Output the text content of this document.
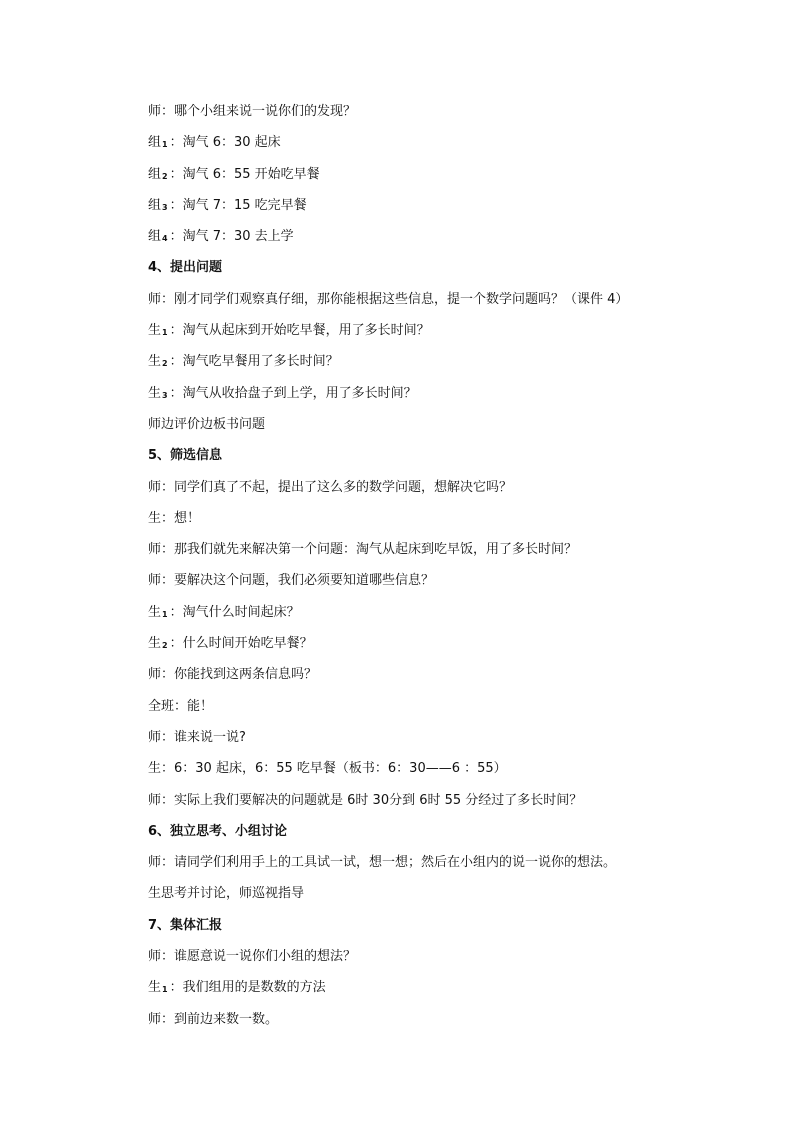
师：哪个小组来说一说你们的发现？
组1 ：淘气 6：30 起床
组2 ：淘气 6：55 开始吃早餐
组3 ：淘气 7：15 吃完早餐
组4 ：淘气 7：30 去上学
4、提出问题
师：刚才同学们观察真仔细，那你能根据这些信息，提一个数学问题吗？（课件 4）
生1 ：淘气从起床到开始吃早餐，用了多长时间？
生2 ：淘气吃早餐用了多长时间？
生3 ：淘气从收拾盘子到上学，用了多长时间？
师边评价边板书问题
5、筛选信息
师：同学们真了不起，提出了这么多的数学问题，想解决它吗？
生：想！
师：那我们就先来解决第一个问题：淘气从起床到吃早饭，用了多长时间？
师：要解决这个问题，我们必须要知道哪些信息？
生1 ：淘气什么时间起床？
生2 ：什么时间开始吃早餐？
师：你能找到这两条信息吗？
全班：能！
师：谁来说一说?
生：6：30 起床，6：55 吃早餐（板书：6：30——6 ：55）
师：实际上我们要解决的问题就是 6时 30分到 6时 55 分经过了多长时间？
6、独立思考、小组讨论
师：请同学们利用手上的工具试一试，想一想；然后在小组内的说一说你的想法。
生思考并讨论，师巡视指导
7、集体汇报
师：谁愿意说一说你们小组的想法？
生1 ：我们组用的是数数的方法
师：到前边来数一数。
